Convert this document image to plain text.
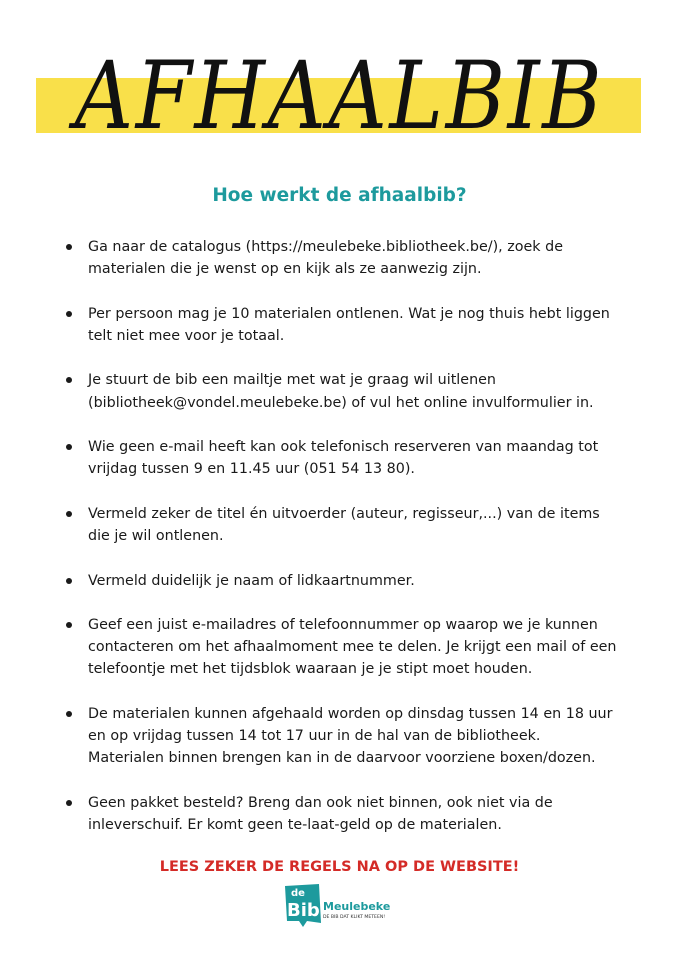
AFHAALBIB
Hoe werkt de afhaalbib?
Ga naar de catalogus (https://meulebeke.bibliotheek.be/), zoek de materialen die je wenst op en kijk als ze aanwezig zijn.
Per persoon mag je 10 materialen ontlenen. Wat je nog thuis hebt liggen telt niet mee voor je totaal.
Je stuurt de bib een mailtje met wat je graag wil uitlenen (bibliotheek@vondel.meulebeke.be) of vul het online invulformulier in.
Wie geen e-mail heeft kan ook telefonisch reserveren van maandag tot vrijdag tussen 9 en 11.45 uur (051 54 13 80).
Vermeld zeker de titel én uitvoerder (auteur, regisseur,...) van de items die je wil ontlenen.
Vermeld duidelijk je naam of lidkaartnummer.
Geef een juist e-mailadres of telefoonnummer op waarop we je kunnen contacteren om het afhaalmoment mee te delen. Je krijgt een mail of een telefoontje met het tijdsblok waaraan je je stipt moet houden.
De materialen kunnen afgehaald worden op dinsdag tussen 14 en 18 uur en op vrijdag tussen 14 tot 17 uur in de hal van de bibliotheek. Materialen binnen brengen kan in de daarvoor voorziene boxen/dozen.
Geen pakket besteld? Breng dan ook niet binnen, ook niet via de inleverschuif. Er komt geen te-laat-geld op de materialen.
LEES ZEKER DE REGELS NA OP DE WEBSITE!
de
Bib Meulebeke
DE BIB DAT KLIKT METEEN!
